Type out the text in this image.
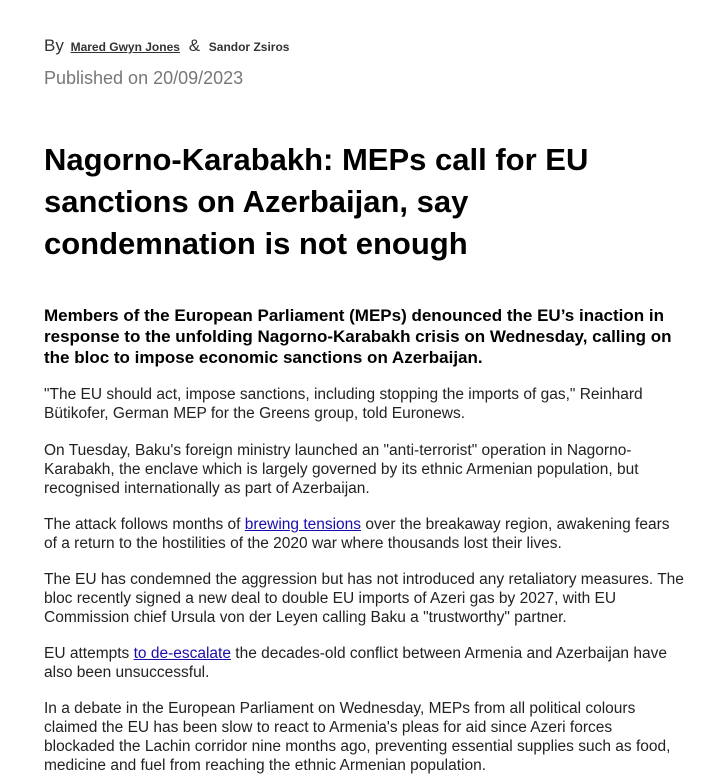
By Mared Gwyn Jones & Sandor Zsiros
Published on 20/09/2023
Nagorno-Karabakh: MEPs call for EU sanctions on Azerbaijan, say condemnation is not enough

Members of the European Parliament (MEPs) denounced the EU’s inaction in response to the unfolding Nagorno-Karabakh crisis on Wednesday, calling on the bloc to impose economic sanctions on Azerbaijan.

"The EU should act, impose sanctions, including stopping the imports of gas," Reinhard Bütikofer, German MEP for the Greens group, told Euronews.

On Tuesday, Baku's foreign ministry launched an "anti-terrorist" operation in Nagorno-Karabakh, the enclave which is largely governed by its ethnic Armenian population, but recognised internationally as part of Azerbaijan.

The attack follows months of brewing tensions over the breakaway region, awakening fears of a return to the hostilities of the 2020 war where thousands lost their lives.

The EU has condemned the aggression but has not introduced any retaliatory measures. The bloc recently signed a new deal to double EU imports of Azeri gas by 2027, with EU Commission chief Ursula von der Leyen calling Baku a "trustworthy" partner.

EU attempts to de-escalate the decades-old conflict between Armenia and Azerbaijan have also been unsuccessful.

In a debate in the European Parliament on Wednesday, MEPs from all political colours claimed the EU has been slow to react to Armenia's pleas for aid since Azeri forces blockaded the Lachin corridor nine months ago, preventing essential supplies such as food, medicine and fuel from reaching the ethnic Armenian population.
